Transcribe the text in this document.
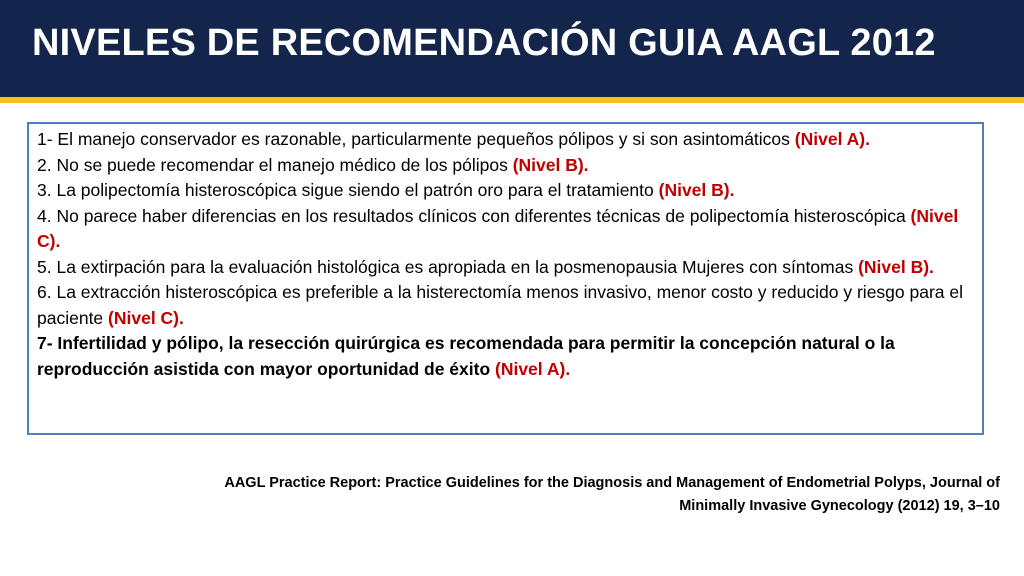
NIVELES DE RECOMENDACIÓN GUIA AAGL 2012
1- El manejo conservador es razonable, particularmente pequeños pólipos y si son asintomáticos (Nivel A).
2. No se puede recomendar el manejo médico de los pólipos (Nivel B).
3. La polipectomía histeroscópica sigue siendo el patrón oro para el tratamiento (Nivel B).
4. No parece haber diferencias en los resultados clínicos con diferentes técnicas de polipectomía histeroscópica (Nivel C).
5. La extirpación para la evaluación histológica es apropiada en la posmenopausia Mujeres con síntomas (Nivel B).
6. La extracción histeroscópica es preferible a la histerectomía menos invasivo, menor costo y reducido y riesgo para el paciente (Nivel C).
7- Infertilidad y pólipo, la resección quirúrgica es recomendada para permitir la concepción natural o la reproducción asistida con mayor oportunidad de éxito (Nivel A).

AAGL Practice Report: Practice Guidelines for the Diagnosis and Management of Endometrial Polyps, Journal of
Minimally Invasive Gynecology (2012) 19, 3–10
